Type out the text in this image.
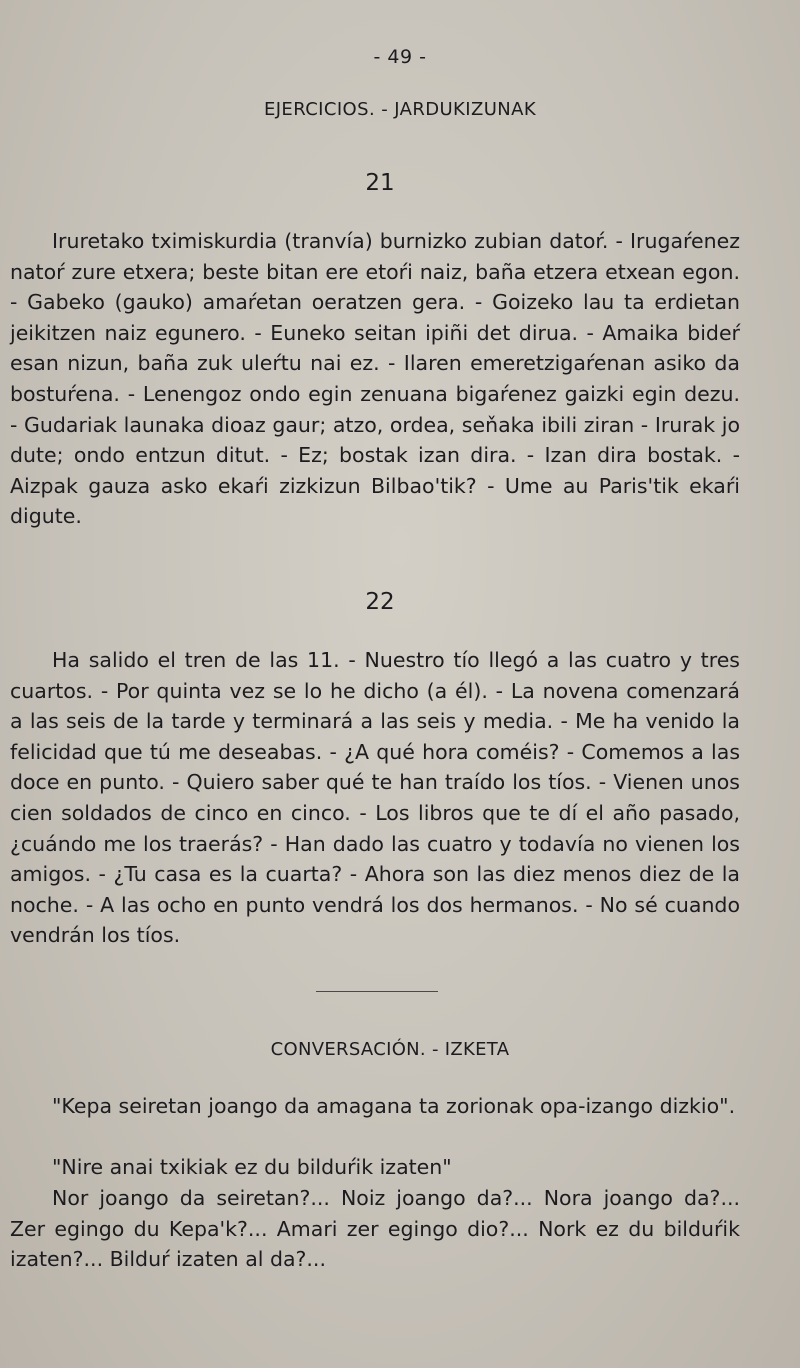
- 49 -
EJERCICIOS. - JARDUKIZUNAK
21
Iruretako tximiskurdia (tranvía) burnizko zubian datoŕ. - Irugaŕenez natoŕ zure etxera; beste bitan ere etoŕi naiz, baña etzera etxean egon. - Gabeko (gauko) amaŕetan oeratzen gera. - Goizeko lau ta erdietan jeikitzen naiz egunero. - Euneko seitan ipiñi det dirua. - Amaika bideŕ esan nizun, baña zuk uleŕtu nai ez. - Ilaren emeretzigaŕenan asiko da bostuŕena. - Lenengoz ondo egin zenuana bigaŕenez gaizki egin dezu. - Gudariak launaka dioaz gaur; atzo, ordea, seňaka ibili ziran - Irurak jo dute; ondo entzun ditut. - Ez; bostak izan dira. - Izan dira bostak. - Aizpak gauza asko ekaŕi zizkizun Bilbao'tik? - Ume au Paris'tik ekaŕi digute.
22
Ha salido el tren de las 11. - Nuestro tío llegó a las cuatro y tres cuartos. - Por quinta vez se lo he dicho (a él). - La novena comenzará a las seis de la tarde y terminará a las seis y media. - Me ha venido la felicidad que tú me deseabas. - ¿A qué hora coméis? - Comemos a las doce en punto. - Quiero saber qué te han traído los tíos. - Vienen unos cien soldados de cinco en cinco. - Los libros que te dí el año pasado, ¿cuándo me los traerás? - Han dado las cuatro y todavía no vienen los amigos. - ¿Tu casa es la cuarta? - Ahora son las diez menos diez de la noche. - A las ocho en punto vendrá los dos hermanos. - No sé cuando vendrán los tíos.
CONVERSACIÓN. - IZKETA
"Kepa seiretan joango da amagana ta zorionak opa-izango dizkio".
"Nire anai txikiak ez du bilduŕik izaten"
Nor joango da seiretan?... Noiz joango da?... Nora joango da?... Zer egingo du Kepa'k?... Amari zer egingo dio?... Nork ez du bilduŕik izaten?... Bilduŕ izaten al da?...
